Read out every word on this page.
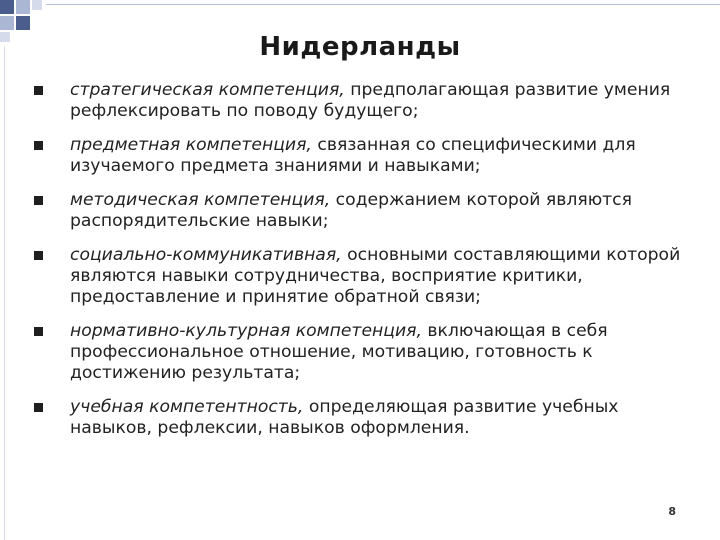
Нидерланды
стратегическая компетенция, предполагающая развитие умения рефлексировать по поводу будущего;
предметная компетенция, связанная со специфическими для изучаемого предмета знаниями и навыками;
методическая компетенция, содержанием которой являются распорядительские навыки;
социально-коммуникативная, основными составляющими которой являются навыки сотрудничества, восприятие критики, предоставление и принятие обратной связи;
нормативно-культурная компетенция, включающая в себя профессиональное отношение, мотивацию, готовность к достижению результата;
учебная компетентность, определяющая развитие учебных навыков, рефлексии, навыков оформления.
8
